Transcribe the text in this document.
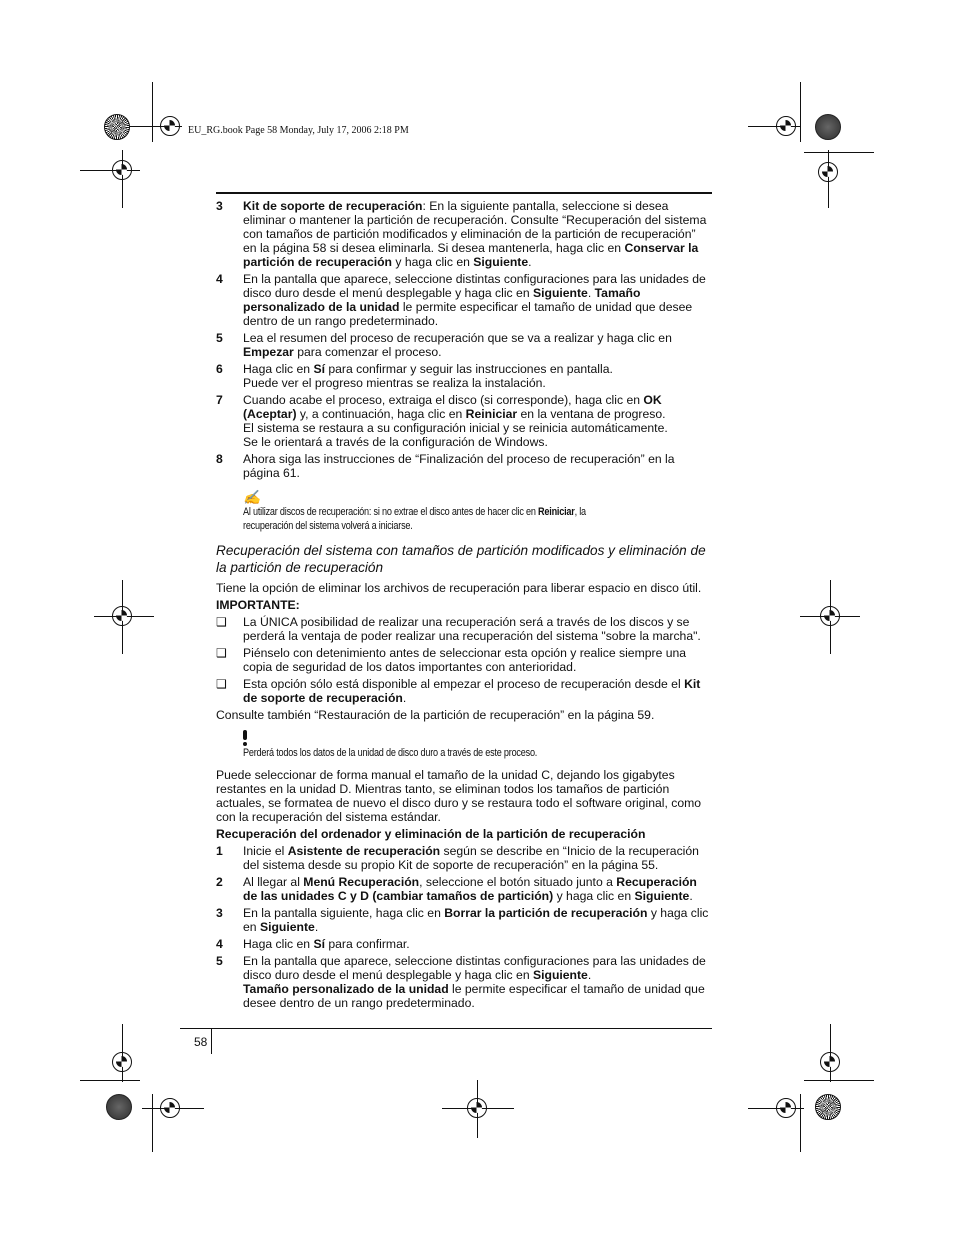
EU_RG.book Page 58 Monday, July 17, 2006 2:18 PM
3	Kit de soporte de recuperación: En la siguiente pantalla, seleccione si desea eliminar o mantener la partición de recuperación. Consulte “Recuperación del sistema con tamaños de partición modificados y eliminación de la partición de recuperación” en la página 58 si desea eliminarla. Si desea mantenerla, haga clic en Conservar la partición de recuperación y haga clic en Siguiente.
4	En la pantalla que aparece, seleccione distintas configuraciones para las unidades de disco duro desde el menú desplegable y haga clic en Siguiente. Tamaño personalizado de la unidad le permite especificar el tamaño de unidad que desee dentro de un rango predeterminado.
5	Lea el resumen del proceso de recuperación que se va a realizar y haga clic en Empezar para comenzar el proceso.
6	Haga clic en Sí para confirmar y seguir las instrucciones en pantalla.
Puede ver el progreso mientras se realiza la instalación.
7	Cuando acabe el proceso, extraiga el disco (si corresponde), haga clic en OK (Aceptar) y, a continuación, haga clic en Reiniciar en la ventana de progreso.
El sistema se restaura a su configuración inicial y se reinicia automáticamente.
Se le orientará a través de la configuración de Windows.
8	Ahora siga las instrucciones de “Finalización del proceso de recuperación” en la página 61.
✍
Al utilizar discos de recuperación: si no extrae el disco antes de hacer clic en Reiniciar, la
recuperación del sistema volverá a iniciarse.
Recuperación del sistema con tamaños de partición modificados y eliminación de la partición de recuperación

Tiene la opción de eliminar los archivos de recuperación para liberar espacio en disco útil.

IMPORTANTE:

❑	La ÚNICA posibilidad de realizar una recuperación será a través de los discos y se perderá la ventaja de poder realizar una recuperación del sistema "sobre la marcha".
❑	Piénselo con detenimiento antes de seleccionar esta opción y realice siempre una copia de seguridad de los datos importantes con anterioridad.
❑	Esta opción sólo está disponible al empezar el proceso de recuperación desde el Kit de soporte de recuperación.

Consulte también “Restauración de la partición de recuperación” en la página 59.

Perderá todos los datos de la unidad de disco duro a través de este proceso.

Puede seleccionar de forma manual el tamaño de la unidad C, dejando los gigabytes restantes en la unidad D. Mientras tanto, se eliminan todos los tamaños de partición actuales, se formatea de nuevo el disco duro y se restaura todo el software original, como con la recuperación del sistema estándar.

Recuperación del ordenador y eliminación de la partición de recuperación
1	Inicie el Asistente de recuperación según se describe en “Inicio de la recuperación del sistema desde su propio Kit de soporte de recuperación” en la página 55.
2	Al llegar al Menú Recuperación, seleccione el botón situado junto a Recuperación de las unidades C y D (cambiar tamaños de partición) y haga clic en Siguiente.
3	En la pantalla siguiente, haga clic en Borrar la partición de recuperación y haga clic en Siguiente.
4	Haga clic en Sí para confirmar.
5	En la pantalla que aparece, seleccione distintas configuraciones para las unidades de disco duro desde el menú desplegable y haga clic en Siguiente.
Tamaño personalizado de la unidad le permite especificar el tamaño de unidad que desee dentro de un rango predeterminado.
58
